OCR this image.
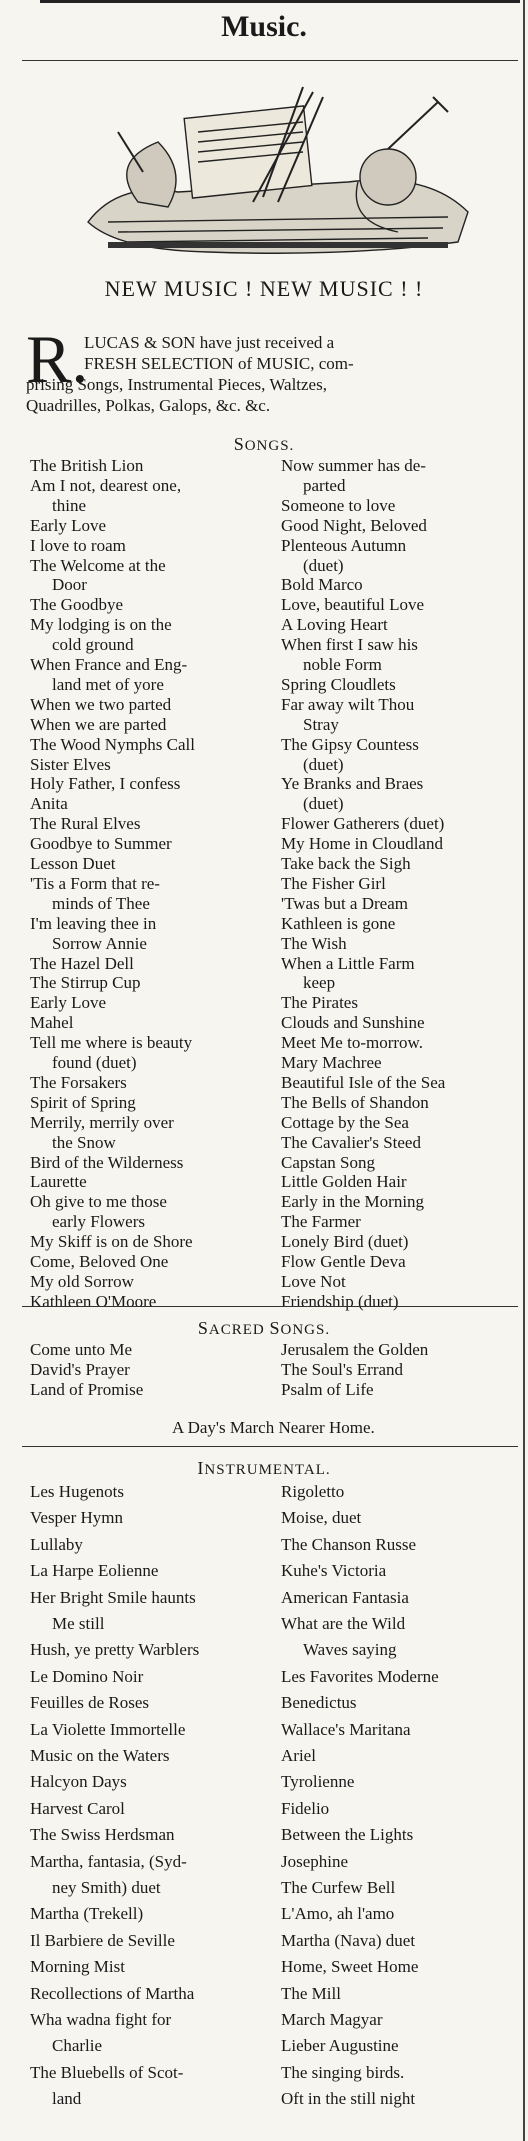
Music.
NEW MUSIC ! NEW MUSIC ! !
R.
LUCAS & SON have just received a
FRESH SELECTION of MUSIC, com-
prising Songs, Instrumental Pieces, Waltzes,
Quadrilles, Polkas, Galops, &c. &c.
SONGS.
The British Lion
Am I not, dearest one,
thine
Early Love
I love to roam
The Welcome at the
Door
The Goodbye
My lodging is on the
cold ground
When France and Eng-
land met of yore
When we two parted
When we are parted
The Wood Nymphs Call
Sister Elves
Holy Father, I confess
Anita
The Rural Elves
Goodbye to Summer
Lesson Duet
'Tis a Form that re-
minds of Thee
I'm leaving thee in
Sorrow Annie
The Hazel Dell
The Stirrup Cup
Early Love
Mahel
Tell me where is beauty
found (duet)
The Forsakers
Spirit of Spring
Merrily, merrily over
the Snow
Bird of the Wilderness
Laurette
Oh give to me those
early Flowers
My Skiff is on de Shore
Come, Beloved One
My old Sorrow
Kathleen O'Moore
Now summer has de-
parted
Someone to love
Good Night, Beloved
Plenteous Autumn
(duet)
Bold Marco
Love, beautiful Love
A Loving Heart
When first I saw his
noble Form
Spring Cloudlets
Far away wilt Thou
Stray
The Gipsy Countess
(duet)
Ye Branks and Braes
(duet)
Flower Gatherers (duet)
My Home in Cloudland
Take back the Sigh
The Fisher Girl
'Twas but a Dream
Kathleen is gone
The Wish
When a Little Farm
keep
The Pirates
Clouds and Sunshine
Meet Me to-morrow.
Mary Machree
Beautiful Isle of the Sea
The Bells of Shandon
Cottage by the Sea
The Cavalier's Steed
Capstan Song
Little Golden Hair
Early in the Morning
The Farmer
Lonely Bird (duet)
Flow Gentle Deva
Love Not
Friendship (duet)
SACRED SONGS.
Come unto Me
David's Prayer
Land of Promise
Jerusalem the Golden
The Soul's Errand
Psalm of Life
A Day's March Nearer Home.
INSTRUMENTAL.
Les Hugenots
Vesper Hymn
Lullaby
La Harpe Eolienne
Her Bright Smile haunts
Me still
Hush, ye pretty Warblers
Le Domino Noir
Feuilles de Roses
La Violette Immortelle
Music on the Waters
Halcyon Days
Harvest Carol
The Swiss Herdsman
Martha, fantasia, (Syd-
ney Smith) duet
Martha (Trekell)
Il Barbiere de Seville
Morning Mist
Recollections of Martha
Wha wadna fight for
Charlie
The Bluebells of Scot-
land
Rigoletto
Moise, duet
The Chanson Russe
Kuhe's Victoria
American Fantasia
What are the Wild
Waves saying
Les Favorites Moderne
Benedictus
Wallace's Maritana
Ariel
Tyrolienne
Fidelio
Between the Lights
Josephine
The Curfew Bell
L'Amo, ah l'amo
Martha (Nava) duet
Home, Sweet Home
The Mill
March Magyar
Lieber Augustine
The singing birds.
Oft in the still night
